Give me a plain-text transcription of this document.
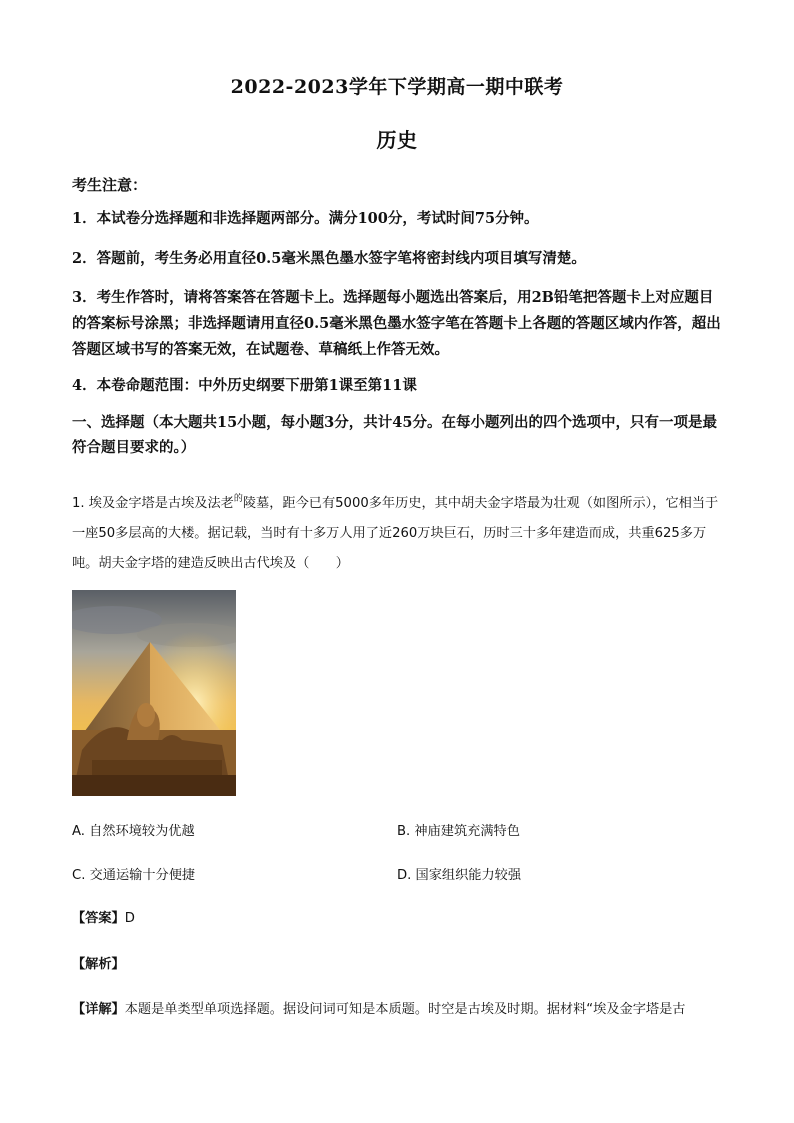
2022-2023学年下学期高一期中联考
历史
考生注意：
1．本试卷分选择题和非选择题两部分。满分100分，考试时间75分钟。
2．答题前，考生务必用直径0.5毫米黑色墨水签字笔将密封线内项目填写清楚。
3．考生作答时，请将答案答在答题卡上。选择题每小题选出答案后，用2B铅笔把答题卡上对应题目的答案标号涂黑；非选择题请用直径0.5毫米黑色墨水签字笔在答题卡上各题的答题区域内作答，超出答题区域书写的答案无效，在试题卷、草稿纸上作答无效。
4．本卷命题范围：中外历史纲要下册第1课至第11课
一、选择题（本大题共15小题，每小题3分，共计45分。在每小题列出的四个选项中，只有一项是最符合题目要求的。）
1. 埃及金字塔是古埃及法老$^的$陵墓，距今已有5000多年历史，其中胡夫金字塔最为壮观（如图所示），它相当于一座50多层高的大楼。据记载，当时有十多万人用了近260万块巨石，历时三十多年建造而成，共重625多万吨。胡夫金字塔的建造反映出古代埃及（　　）
A. 自然环境较为优越	B. 神庙建筑充满特色
C. 交通运输十分便捷	D. 国家组织能力较强
【答案】D
【解析】
【详解】本题是单类型单项选择题。据设问词可知是本质题。时空是古埃及时期。据材料“埃及金字塔是古
